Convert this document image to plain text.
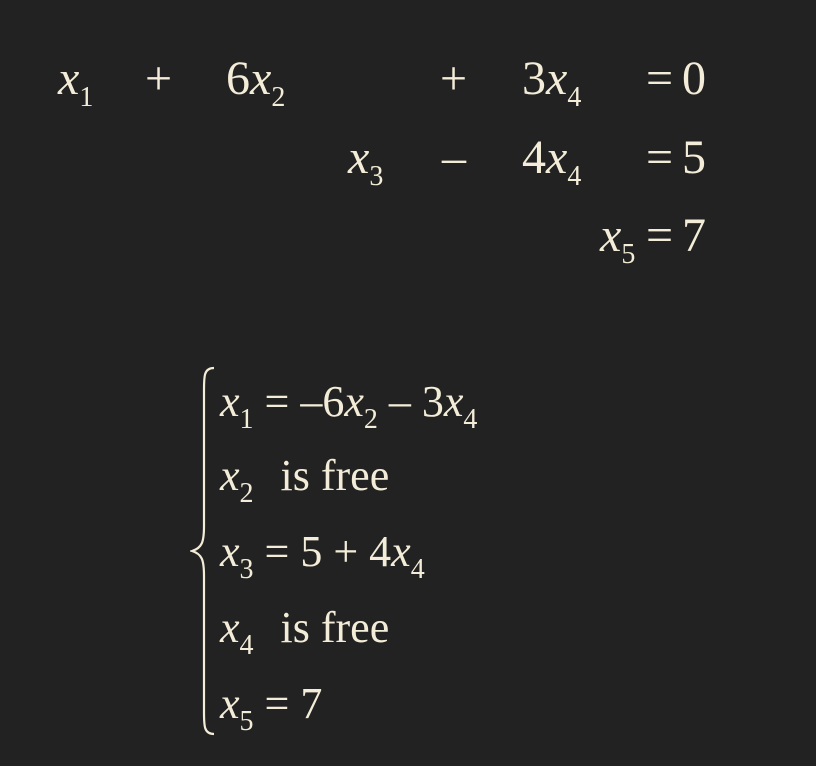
$x_1 + 6x_2$	+ $3x_4 = 0$
$x_3 - 4x_4 = 5$
$x_5 = 7$
$x_1 = -6x_2 - 3x_4$
$x_2$ is free
$x_3 = 5 + 4x_4$
$x_4$ is free
$x_5 = 7$
